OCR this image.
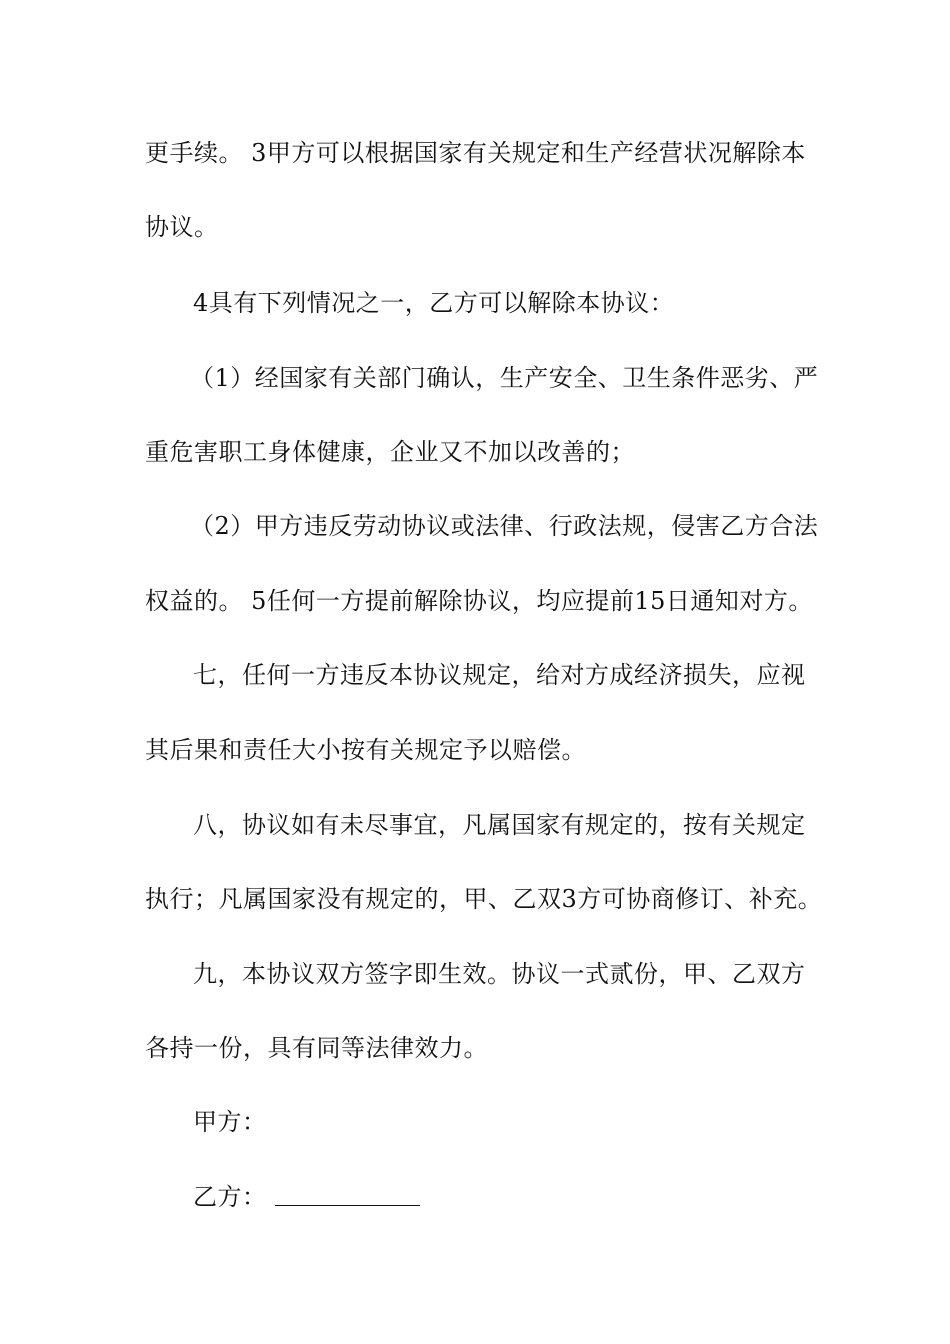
更手续。 3甲方可以根据国家有关规定和生产经营状况解除本
协议。
4具有下列情况之一，乙方可以解除本协议：
（1）经国家有关部门确认，生产安全、卫生条件恶劣、严
重危害职工身体健康，企业又不加以改善的；
（2）甲方违反劳动协议或法律、行政法规，侵害乙方合法
权益的。 5任何一方提前解除协议，均应提前15日通知对方。
七，任何一方违反本协议规定，给对方成经济损失，应视
其后果和责任大小按有关规定予以赔偿。
八，协议如有未尽事宜，凡属国家有规定的，按有关规定
执行；凡属国家没有规定的，甲、乙双3方可协商修订、补充。
九，本协议双方签字即生效。协议一式贰份，甲、乙双方
各持一份，具有同等法律效力。
甲方：
乙方：
